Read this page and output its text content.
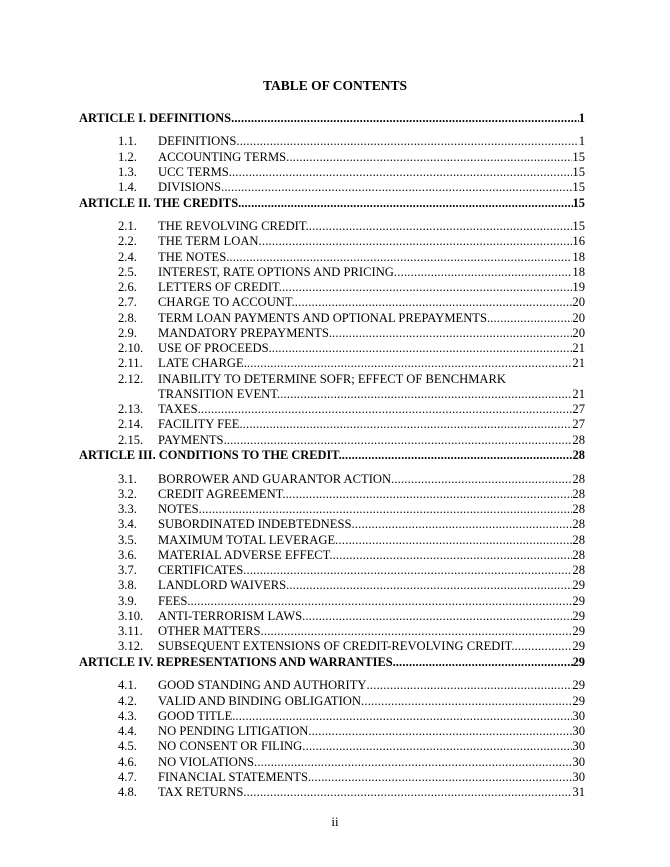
TABLE OF CONTENTS
ARTICLE I. DEFINITIONS .....	1
1.1.	DEFINITIONS .....	1
1.2.	ACCOUNTING TERMS. .....	15
1.3.	UCC TERMS. .....	15
1.4.	DIVISIONS .....	15
ARTICLE II. THE CREDITS. .....	15
2.1.	THE REVOLVING CREDIT. .....	15
2.2.	THE TERM LOAN .....	16
2.4.	THE NOTES. .....	18
2.5.	INTEREST, RATE OPTIONS AND PRICING .....	18
2.6.	LETTERS OF CREDIT. .....	19
2.7.	CHARGE TO ACCOUNT. .....	20
2.8.	TERM LOAN PAYMENTS AND OPTIONAL PREPAYMENTS. .....	20
2.9.	MANDATORY PREPAYMENTS. .....	20
2.10.	USE OF PROCEEDS. .....	21
2.11.	LATE CHARGE. .....	21
2.12.	INABILITY TO DETERMINE SOFR; EFFECT OF BENCHMARK
TRANSITION EVENT. .....	21
2.13.	TAXES .....	27
2.14.	FACILITY FEE. .....	27
2.15.	PAYMENTS. .....	28
ARTICLE III. CONDITIONS TO THE CREDIT. .....	28
3.1.	BORROWER AND GUARANTOR ACTION. .....	28
3.2.	CREDIT AGREEMENT. .....	28
3.3.	NOTES .....	28
3.4.	SUBORDINATED INDEBTEDNESS .....	28
3.5.	MAXIMUM TOTAL LEVERAGE .....	28
3.6.	MATERIAL ADVERSE EFFECT. .....	28
3.7.	CERTIFICATES. .....	28
3.8.	LANDLORD WAIVERS. .....	29
3.9.	FEES. .....	29
3.10.	ANTI-TERRORISM LAWS. .....	29
3.11.	OTHER MATTERS .....	29
3.12.	SUBSEQUENT EXTENSIONS OF CREDIT-REVOLVING CREDIT. .....	29
ARTICLE IV. REPRESENTATIONS AND WARRANTIES. .....	29
4.1.	GOOD STANDING AND AUTHORITY .....	29
4.2.	VALID AND BINDING OBLIGATION .....	29
4.3.	GOOD TITLE. .....	30
4.4.	NO PENDING LITIGATION. .....	30
4.5.	NO CONSENT OR FILING .....	30
4.6.	NO VIOLATIONS .....	30
4.7.	FINANCIAL STATEMENTS. .....	30
4.8.	TAX RETURNS. .....	31
ii
